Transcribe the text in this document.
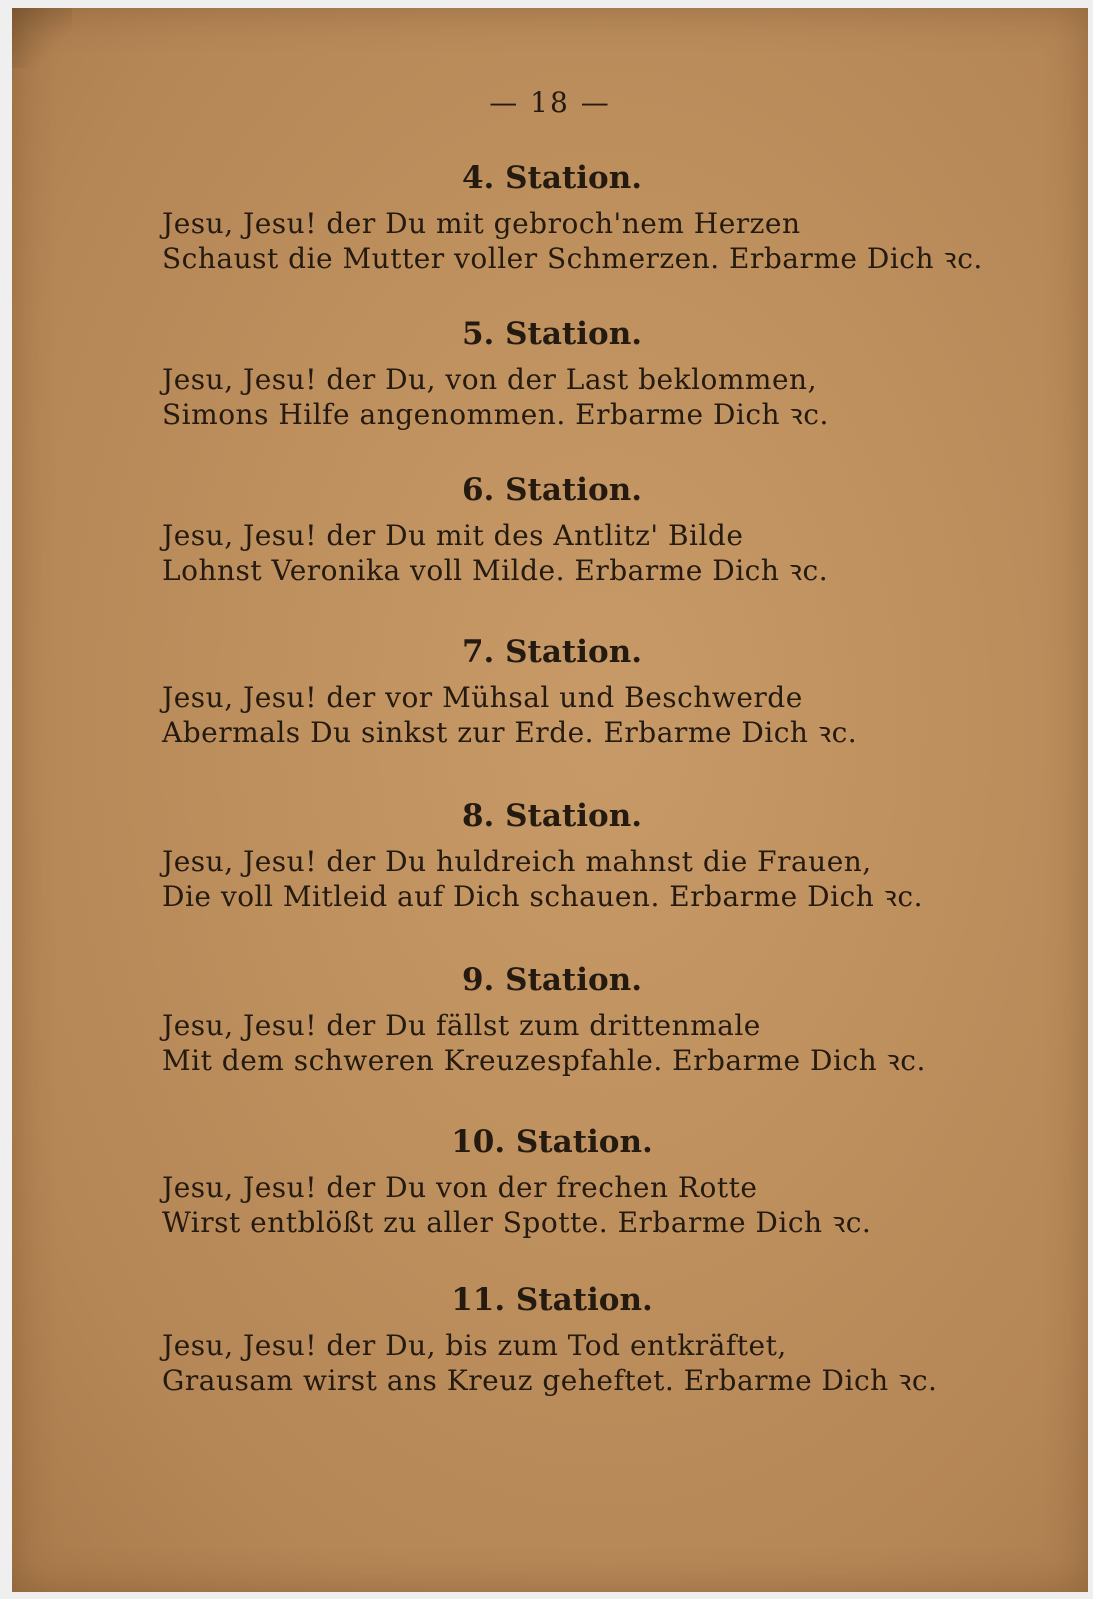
— 18 —
4. Station.
Jesu, Jesu! der Du mit gebroch'nem Herzen
Schaust die Mutter voller Schmerzen. Erbarme Dich ꝛc.
5. Station.
Jesu, Jesu! der Du, von der Last beklommen,
Simons Hilfe angenommen. Erbarme Dich ꝛc.
6. Station.
Jesu, Jesu! der Du mit des Antlitz' Bilde
Lohnst Veronika voll Milde. Erbarme Dich ꝛc.
7. Station.
Jesu, Jesu! der vor Mühsal und Beschwerde
Abermals Du sinkst zur Erde. Erbarme Dich ꝛc.
8. Station.
Jesu, Jesu! der Du huldreich mahnst die Frauen,
Die voll Mitleid auf Dich schauen. Erbarme Dich ꝛc.
9. Station.
Jesu, Jesu! der Du fällst zum drittenmale
Mit dem schweren Kreuzespfahle. Erbarme Dich ꝛc.
10. Station.
Jesu, Jesu! der Du von der frechen Rotte
Wirst entblößt zu aller Spotte. Erbarme Dich ꝛc.
11. Station.
Jesu, Jesu! der Du, bis zum Tod entkräftet,
Grausam wirst ans Kreuz geheftet. Erbarme Dich ꝛc.
